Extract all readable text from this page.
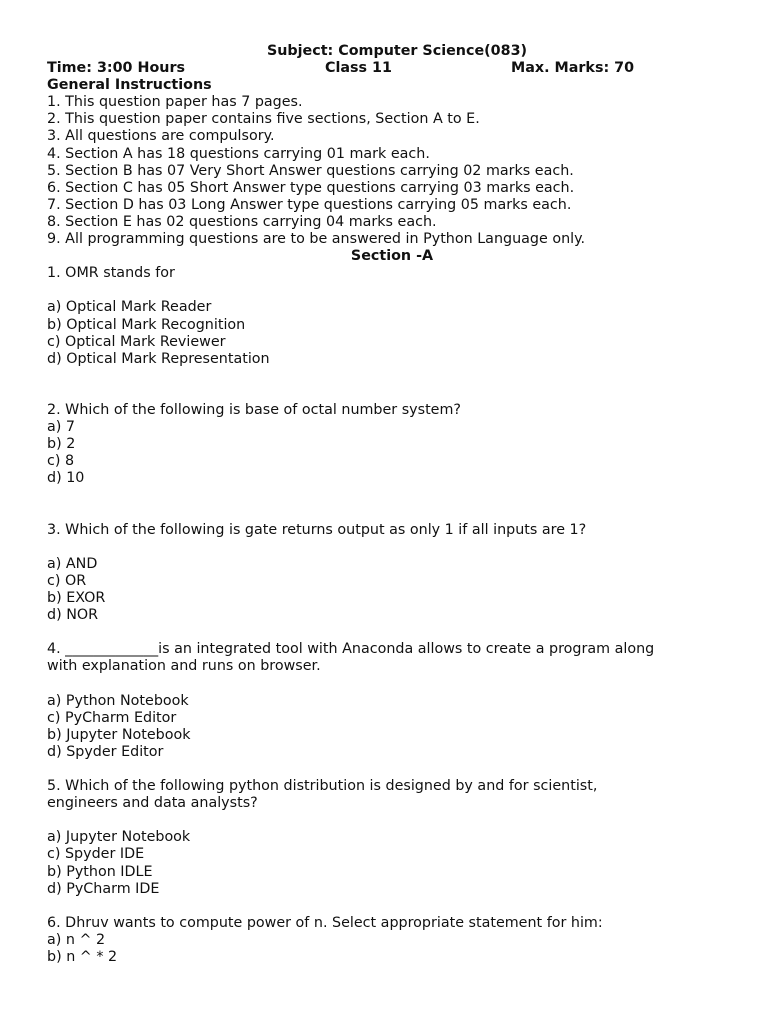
Subject: Computer Science(083)
Time: 3:00 Hours	Class 11	Max. Marks: 70
General Instructions
1. This question paper has 7 pages.
2. This question paper contains five sections, Section A to E.
3. All questions are compulsory.
4. Section A has 18 questions carrying 01 mark each.
5. Section B has 07 Very Short Answer questions carrying 02 marks each.
6. Section C has 05 Short Answer type questions carrying 03 marks each.
7. Section D has 03 Long Answer type questions carrying 05 marks each.
8. Section E has 02 questions carrying 04 marks each.
9. All programming questions are to be answered in Python Language only.
Section -A
1. OMR stands for
a) Optical Mark Reader
b) Optical Mark Recognition
c) Optical Mark Reviewer
d) Optical Mark Representation
2. Which of the following is base of octal number system?
a) 7
b) 2
c) 8
d) 10
3. Which of the following is gate returns output as only 1 if all inputs are 1?
a) AND
c) OR
b) EXOR
d) NOR
4. _____________is an integrated tool with Anaconda allows to create a program along
with explanation and runs on browser.
a) Python Notebook
c) PyCharm Editor
b) Jupyter Notebook
d) Spyder Editor
5. Which of the following python distribution is designed by and for scientist,
engineers and data analysts?
a) Jupyter Notebook
c) Spyder IDE
b) Python IDLE
d) PyCharm IDE
6. Dhruv wants to compute power of n. Select appropriate statement for him:
a) n ^ 2
b) n ^ * 2
